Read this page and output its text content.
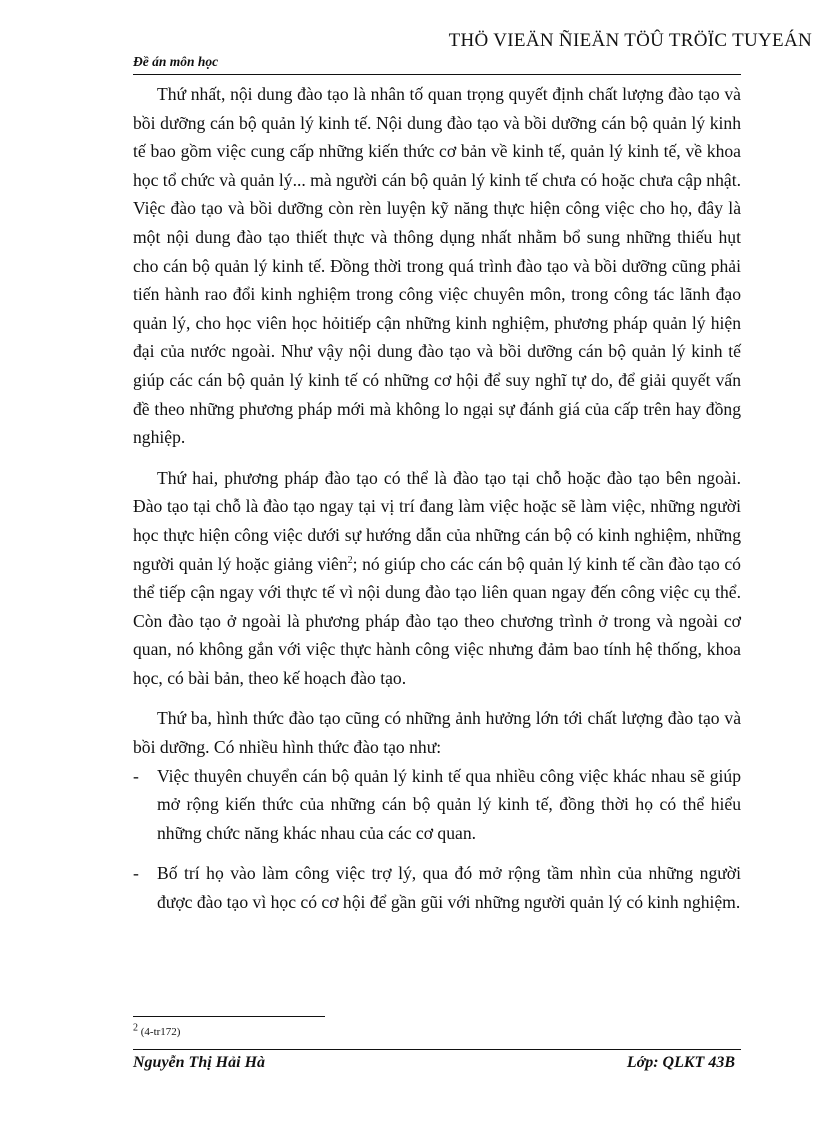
THÖ VIEÄN ÑIEÄN TÖÛ TRÖÏC TUYEÁN
Đề án môn học

Thứ nhất, nội dung đào tạo là nhân tố quan trọng quyết định chất lượng đào tạo và bồi dưỡng cán bộ quản lý kinh tế. Nội dung đào tạo và bồi dưỡng cán bộ quản lý kinh tế bao gồm việc cung cấp những kiến thức cơ bản về kinh tế, quản lý kinh tế, về khoa học tổ chức và quản lý... mà người cán bộ quản lý kinh tế chưa có hoặc chưa cập nhật. Việc đào tạo và bồi dưỡng còn rèn luyện kỹ năng thực hiện công việc cho họ, đây là một nội dung đào tạo thiết thực và thông dụng nhất nhằm bổ sung những thiếu hụt cho cán bộ quản lý kinh tế. Đồng thời trong quá trình đào tạo và bồi dưỡng cũng phải tiến hành rao đổi kinh nghiệm trong công việc chuyên môn, trong công tác lãnh đạo quản lý, cho học viên học hỏitiếp cận những kinh nghiệm, phương pháp quản lý hiện đại của nước ngoài. Như vậy nội dung đào tạo và bồi dưỡng cán bộ quản lý kinh tế giúp các cán bộ quản lý kinh tế có những cơ hội để suy nghĩ tự do, để giải quyết vấn đề theo những phương pháp mới mà không lo ngại sự đánh giá của cấp trên hay đồng nghiệp.

Thứ hai, phương pháp đào tạo có thể là đào tạo tại chỗ hoặc đào tạo bên ngoài. Đào tạo tại chỗ là đào tạo ngay tại vị trí đang làm việc hoặc sẽ làm việc, những người học thực hiện công việc dưới sự hướng dẫn của những cán bộ có kinh nghiệm, những người quản lý hoặc giảng viên$^2$; nó giúp cho các cán bộ quản lý kinh tế cần đào tạo có thể tiếp cận ngay với thực tế vì nội dung đào tạo liên quan ngay đến công việc cụ thể. Còn đào tạo ở ngoài là phương pháp đào tạo theo chương trình ở trong và ngoài cơ quan, nó không gắn với việc thực hành công việc nhưng đảm bao tính hệ thống, khoa học, có bài bản, theo kế hoạch đào tạo.

Thứ ba, hình thức đào tạo cũng có những ảnh hưởng lớn tới chất lượng đào tạo và bồi dưỡng. Có nhiều hình thức đào tạo như:

- Việc thuyên chuyển cán bộ quản lý kinh tế qua nhiều công việc khác nhau sẽ giúp mở rộng kiến thức của những cán bộ quản lý kinh tế, đồng thời họ có thể hiểu những chức năng khác nhau của các cơ quan.
- Bố trí họ vào làm công việc trợ lý, qua đó mở rộng tầm nhìn của những người được đào tạo vì học có cơ hội để gần gũi với những người quản lý có kinh nghiệm.
2 (4-tr172)
Nguyễn Thị Hải Hà	Lớp: QLKT 43B
